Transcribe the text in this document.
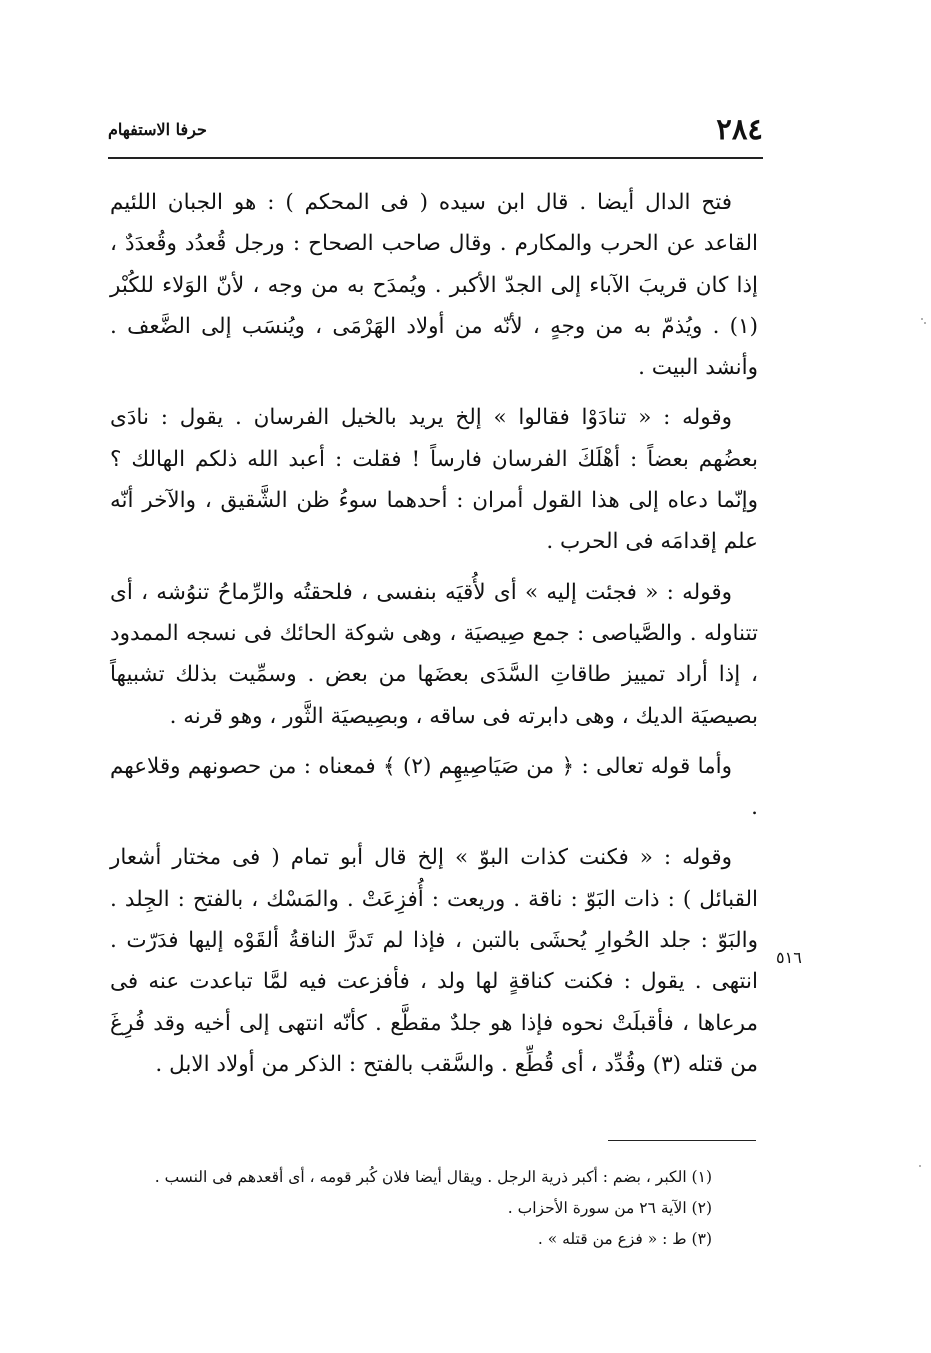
٢٨٤
حرفا الاستفهام

فتح الدال أيضا . قال ابن سيده ( فى المحكم ) : هو الجبان اللئيم القاعد عن الحرب والمكارم . وقال صاحب الصحاح : ورجل قُعدُد وقُعدَدٌ ، إذا كان قريبَ الآباء إلى الجدّ الأكبر . ويُمدَح به من وجه ، لأنّ الوَلاء للكُبْر (١) . ويُذمّ به من وجهٍ ، لأنّه من أولاد الهَرْمَى ، ويُنسَب إلى الضَّعف . وأنشد البيت .

وقوله : « تنادَوْا فقالوا » إلخ يريد بالخيل الفرسان . يقول : نادَى بعضُهم بعضاً : أهْلَكَ الفرسان فارساً ! فقلت : أعبد الله ذلكم الهالك ؟ وإنّما دعاه إلى هذا القول أمران : أحدهما سوءُ ظن الشَّقيق ، والآخر أنّه علم إقدامَه فى الحرب .

وقوله : « فجئت إليه » أى لأُقيَه بنفسى ، فلحقتُه والرِّماحُ تنوُشه ، أى تتناوله . والصَّياصى : جمع صِيصيَة ، وهى شوكة الحائك فى نسجه الممدود ، إذا أراد تمييز طاقاتِ السَّدَى بعضَها من بعض . وسمِّيت بذلك تشبيهاً بصيصيَة الديك ، وهى دابرته فى ساقه ، وبصِيصيَة الثَّور ، وهو قرنه .

وأما قوله تعالى : ﴿ من صَيَاصِيهِم (٢) ﴾ فمعناه : من حصونهم وقلاعهم .

وقوله : « فكنت كذات البوّ » إلخ قال أبو تمام ( فى مختار أشعار القبائل ) : ذات البَوّ : ناقة . وريعت : أُفزِعَتْ . والمَسْك ، بالفتح : الجِلد . والبَوّ : جلد الحُوارِ يُحشَى بالتبن ، فإذا لم تَدرَّ الناقةُ ألقَوْه إليها فدَرّت . انتهى . يقول : فكنت كناقةٍ لها ولد ، فأفزعت فيه لمَّا تباعدت عنه فى مرعاها ، فأقبلَتْ نحوه فإذا هو جلدٌ مقطَّع . كأنّه انتهى إلى أخيه وقد فُرِغَ من قتله (٣) وقُدِّد ، أى قُطِّع . والسَّقب بالفتح : الذكر من أولاد الابل .

٥١٦

(١) الكبر ، بضم : أكبر ذرية الرجل . ويقال أيضا فلان كُبر قومه ، أى أقعدهم فى النسب .

(٢) الآية ٢٦ من سورة الأحزاب .

(٣) ط : « فزع من قتله » .
